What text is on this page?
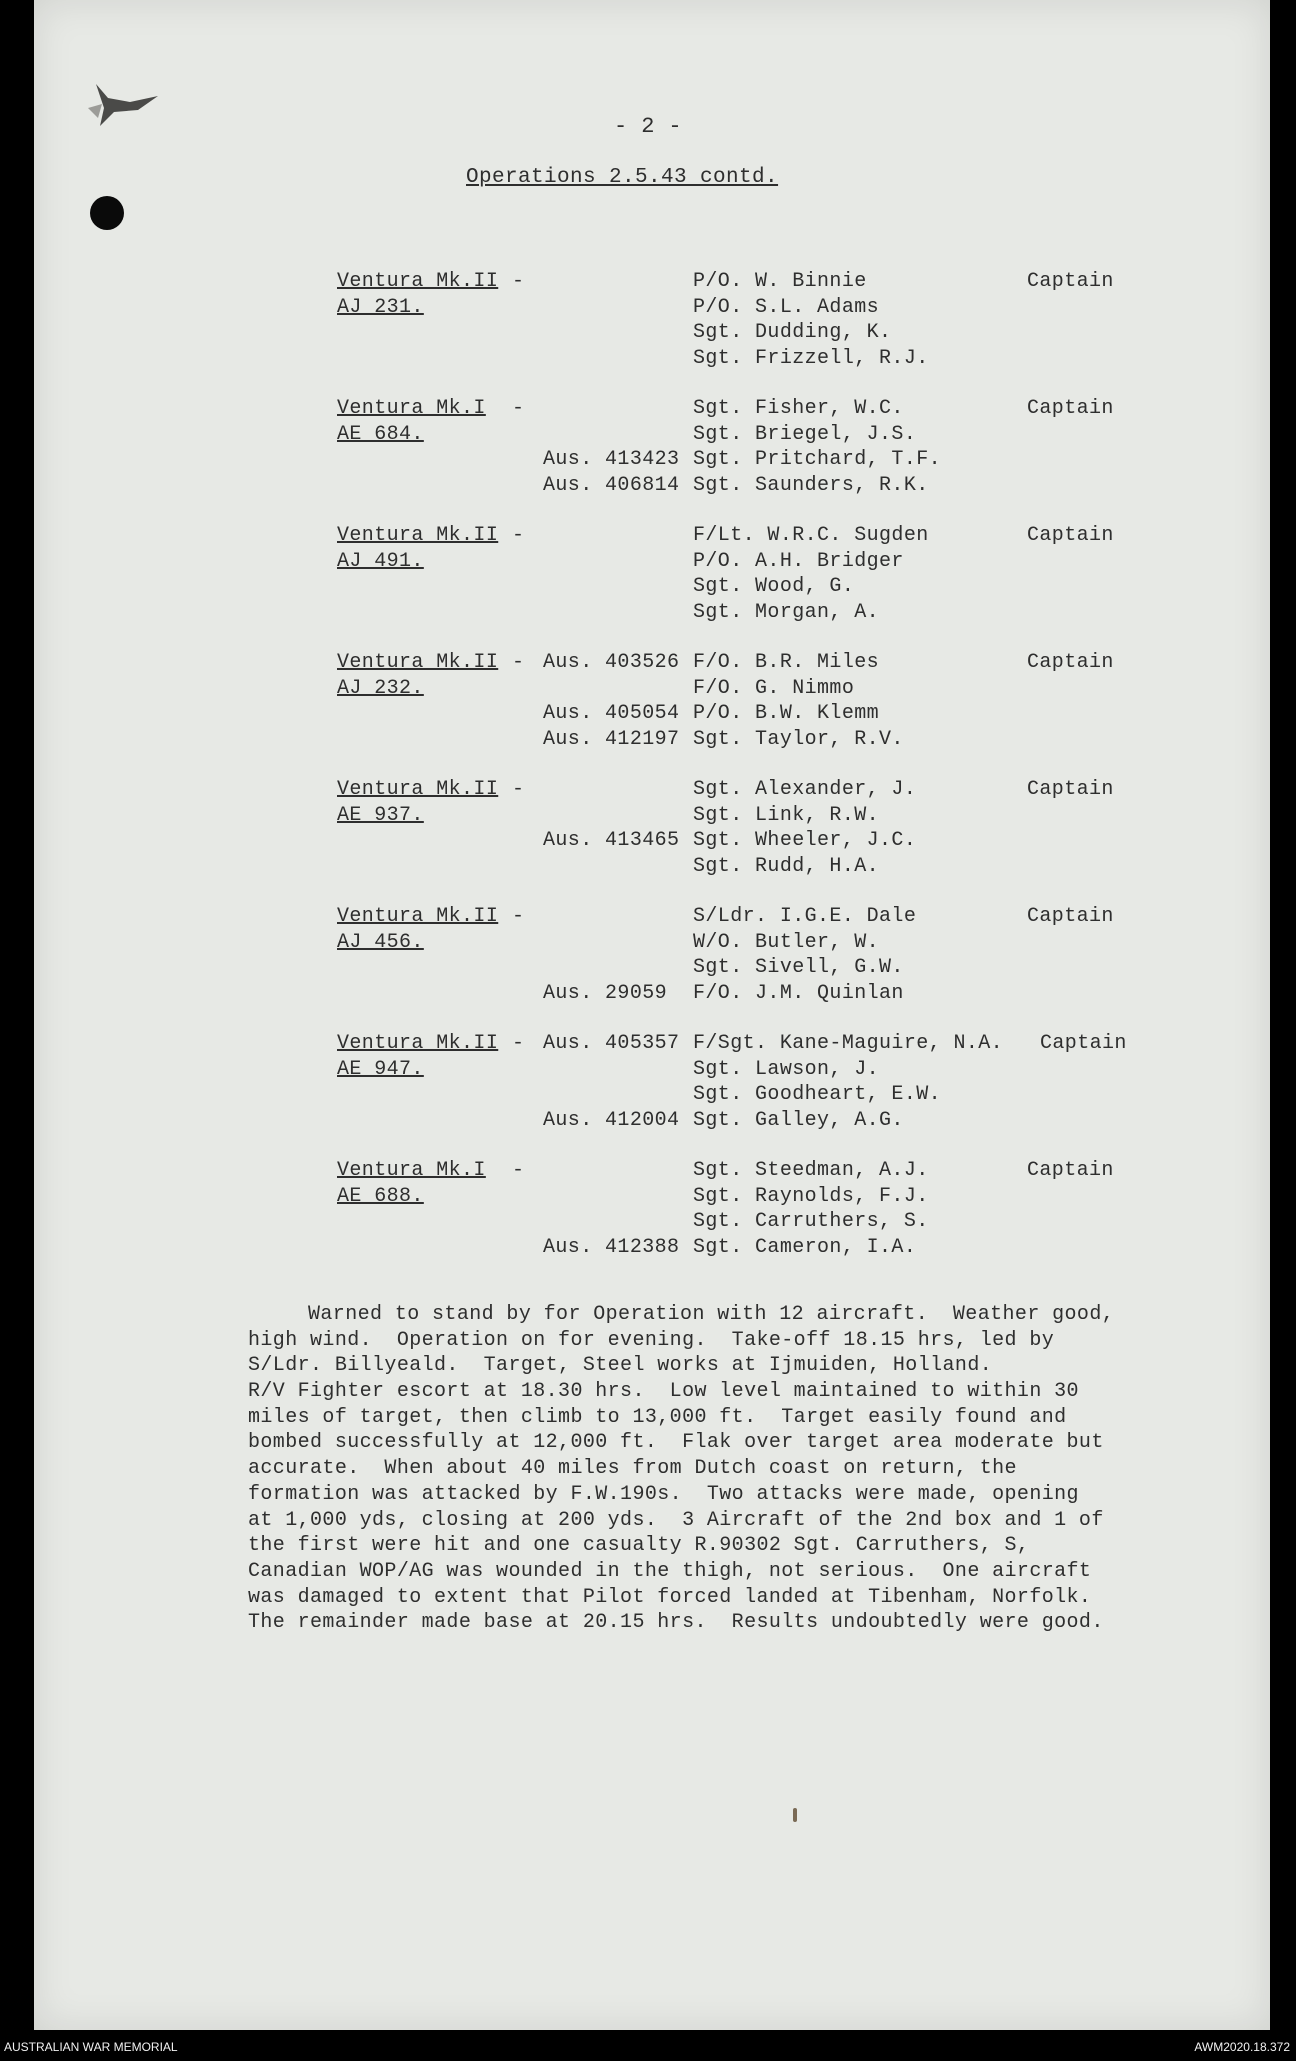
- 2 -
Operations 2.5.43 contd.
Ventura Mk.II -	P/O. W. Binnie	Captain
AJ 231.	P/O. S.L. Adams
Sgt. Dudding, K.
Sgt. Frizzell, R.J.
Ventura Mk.I -	Sgt. Fisher, W.C.	Captain
AE 684.	Sgt. Briegel, J.S.
Aus. 413423 Sgt. Pritchard, T.F.
Aus. 406814 Sgt. Saunders, R.K.
Ventura Mk.II -	F/Lt. W.R.C. Sugden	Captain
AJ 491.	P/O. A.H. Bridger
Sgt. Wood, G.
Sgt. Morgan, A.
Ventura Mk.II - Aus. 403526 F/O. B.R. Miles	Captain
AJ 232.	F/O. G. Nimmo
Aus. 405054 P/O. B.W. Klemm
Aus. 412197 Sgt. Taylor, R.V.
Ventura Mk.II -	Sgt. Alexander, J.	Captain
AE 937.	Sgt. Link, R.W.
Aus. 413465 Sgt. Wheeler, J.C.
Sgt. Rudd, H.A.
Ventura Mk.II -	S/Ldr. I.G.E. Dale	Captain
AJ 456.	W/O. Butler, W.
Sgt. Sivell, G.W.
Aus. 29059 F/O. J.M. Quinlan
Ventura Mk.II - Aus. 405357 F/Sgt. Kane-Maguire, N.A. Captain
AE 947.	Sgt. Lawson, J.
Sgt. Goodheart, E.W.
Aus. 412004 Sgt. Galley, A.G.
Ventura Mk.I -	Sgt. Steedman, A.J.	Captain
AE 688.	Sgt. Raynolds, F.J.
Sgt. Carruthers, S.
Aus. 412388 Sgt. Cameron, I.A.
Warned to stand by for Operation with 12 aircraft.  Weather good,
high wind.  Operation on for evening.  Take-off 18.15 hrs, led by
S/Ldr. Billyeald.  Target, Steel works at Ijmuiden, Holland.
R/V Fighter escort at 18.30 hrs.  Low level maintained to within 30
miles of target, then climb to 13,000 ft.  Target easily found and
bombed successfully at 12,000 ft.  Flak over target area moderate but
accurate.  When about 40 miles from Dutch coast on return, the
formation was attacked by F.W.190s.  Two attacks were made, opening
at 1,000 yds, closing at 200 yds.  3 Aircraft of the 2nd box and 1 of
the first were hit and one casualty R.90302 Sgt. Carruthers, S,
Canadian WOP/AG was wounded in the thigh, not serious.  One aircraft
was damaged to extent that Pilot forced landed at Tibenham, Norfolk.
The remainder made base at 20.15 hrs.  Results undoubtedly were good.
AUSTRALIAN WAR MEMORIAL	AWM2020.18.372
